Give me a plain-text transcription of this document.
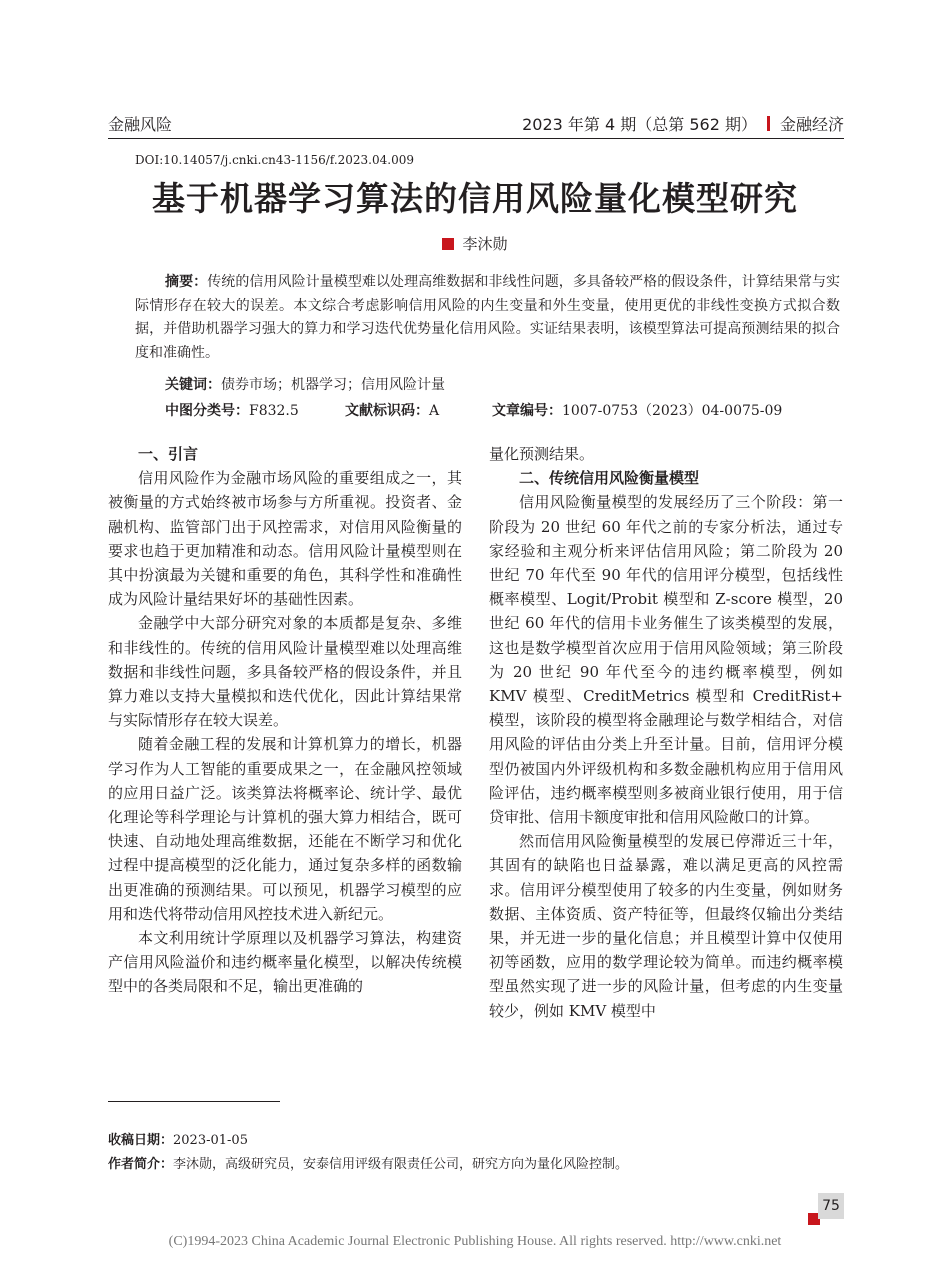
金融风险	2023 年第 4 期（总第 562 期） 金融经济
DOI:10.14057/j.cnki.cn43-1156/f.2023.04.009
基于机器学习算法的信用风险量化模型研究
李沐勋
摘要：传统的信用风险计量模型难以处理高维数据和非线性问题，多具备较严格的假设条件，计算结果常与实际情形存在较大的误差。本文综合考虑影响信用风险的内生变量和外生变量，使用更优的非线性变换方式拟合数据，并借助机器学习强大的算力和学习迭代优势量化信用风险。实证结果表明，该模型算法可提高预测结果的拟合度和准确性。
关键词：债券市场；机器学习；信用风险计量
中图分类号：F832.5	文献标识码：A	文章编号：1007-0753（2023）04-0075-09
一、引言

信用风险作为金融市场风险的重要组成之一，其被衡量的方式始终被市场参与方所重视。投资者、金融机构、监管部门出于风控需求，对信用风险衡量的要求也趋于更加精准和动态。信用风险计量模型则在其中扮演最为关键和重要的角色，其科学性和准确性成为风险计量结果好坏的基础性因素。

金融学中大部分研究对象的本质都是复杂、多维和非线性的。传统的信用风险计量模型难以处理高维数据和非线性问题，多具备较严格的假设条件，并且算力难以支持大量模拟和迭代优化，因此计算结果常与实际情形存在较大误差。

随着金融工程的发展和计算机算力的增长，机器学习作为人工智能的重要成果之一，在金融风控领域的应用日益广泛。该类算法将概率论、统计学、最优化理论等科学理论与计算机的强大算力相结合，既可快速、自动地处理高维数据，还能在不断学习和优化过程中提高模型的泛化能力，通过复杂多样的函数输出更准确的预测结果。可以预见，机器学习模型的应用和迭代将带动信用风控技术进入新纪元。

本文利用统计学原理以及机器学习算法，构建资产信用风险溢价和违约概率量化模型，以解决传统模型中的各类局限和不足，输出更准确的

量化预测结果。

二、传统信用风险衡量模型

信用风险衡量模型的发展经历了三个阶段：第一阶段为 20 世纪 60 年代之前的专家分析法，通过专家经验和主观分析来评估信用风险；第二阶段为 20 世纪 70 年代至 90 年代的信用评分模型，包括线性概率模型、Logit/Probit 模型和 Z-score 模型，20 世纪 60 年代的信用卡业务催生了该类模型的发展，这也是数学模型首次应用于信用风险领域；第三阶段为 20 世纪 90 年代至今的违约概率模型，例如 KMV 模型、CreditMetrics 模型和 CreditRist+ 模型，该阶段的模型将金融理论与数学相结合，对信用风险的评估由分类上升至计量。目前，信用评分模型仍被国内外评级机构和多数金融机构应用于信用风险评估，违约概率模型则多被商业银行使用，用于信贷审批、信用卡额度审批和信用风险敞口的计算。

然而信用风险衡量模型的发展已停滞近三十年，其固有的缺陷也日益暴露，难以满足更高的风控需求。信用评分模型使用了较多的内生变量，例如财务数据、主体资质、资产特征等，但最终仅输出分类结果，并无进一步的量化信息；并且模型计算中仅使用初等函数，应用的数学理论较为简单。而违约概率模型虽然实现了进一步的风险计量，但考虑的内生变量较少，例如 KMV 模型中

收稿日期：2023-01-05
作者简介：李沐勋，高级研究员，安泰信用评级有限责任公司，研究方向为量化风险控制。
75
(C)1994-2023 China Academic Journal Electronic Publishing House. All rights reserved. http://www.cnki.net
